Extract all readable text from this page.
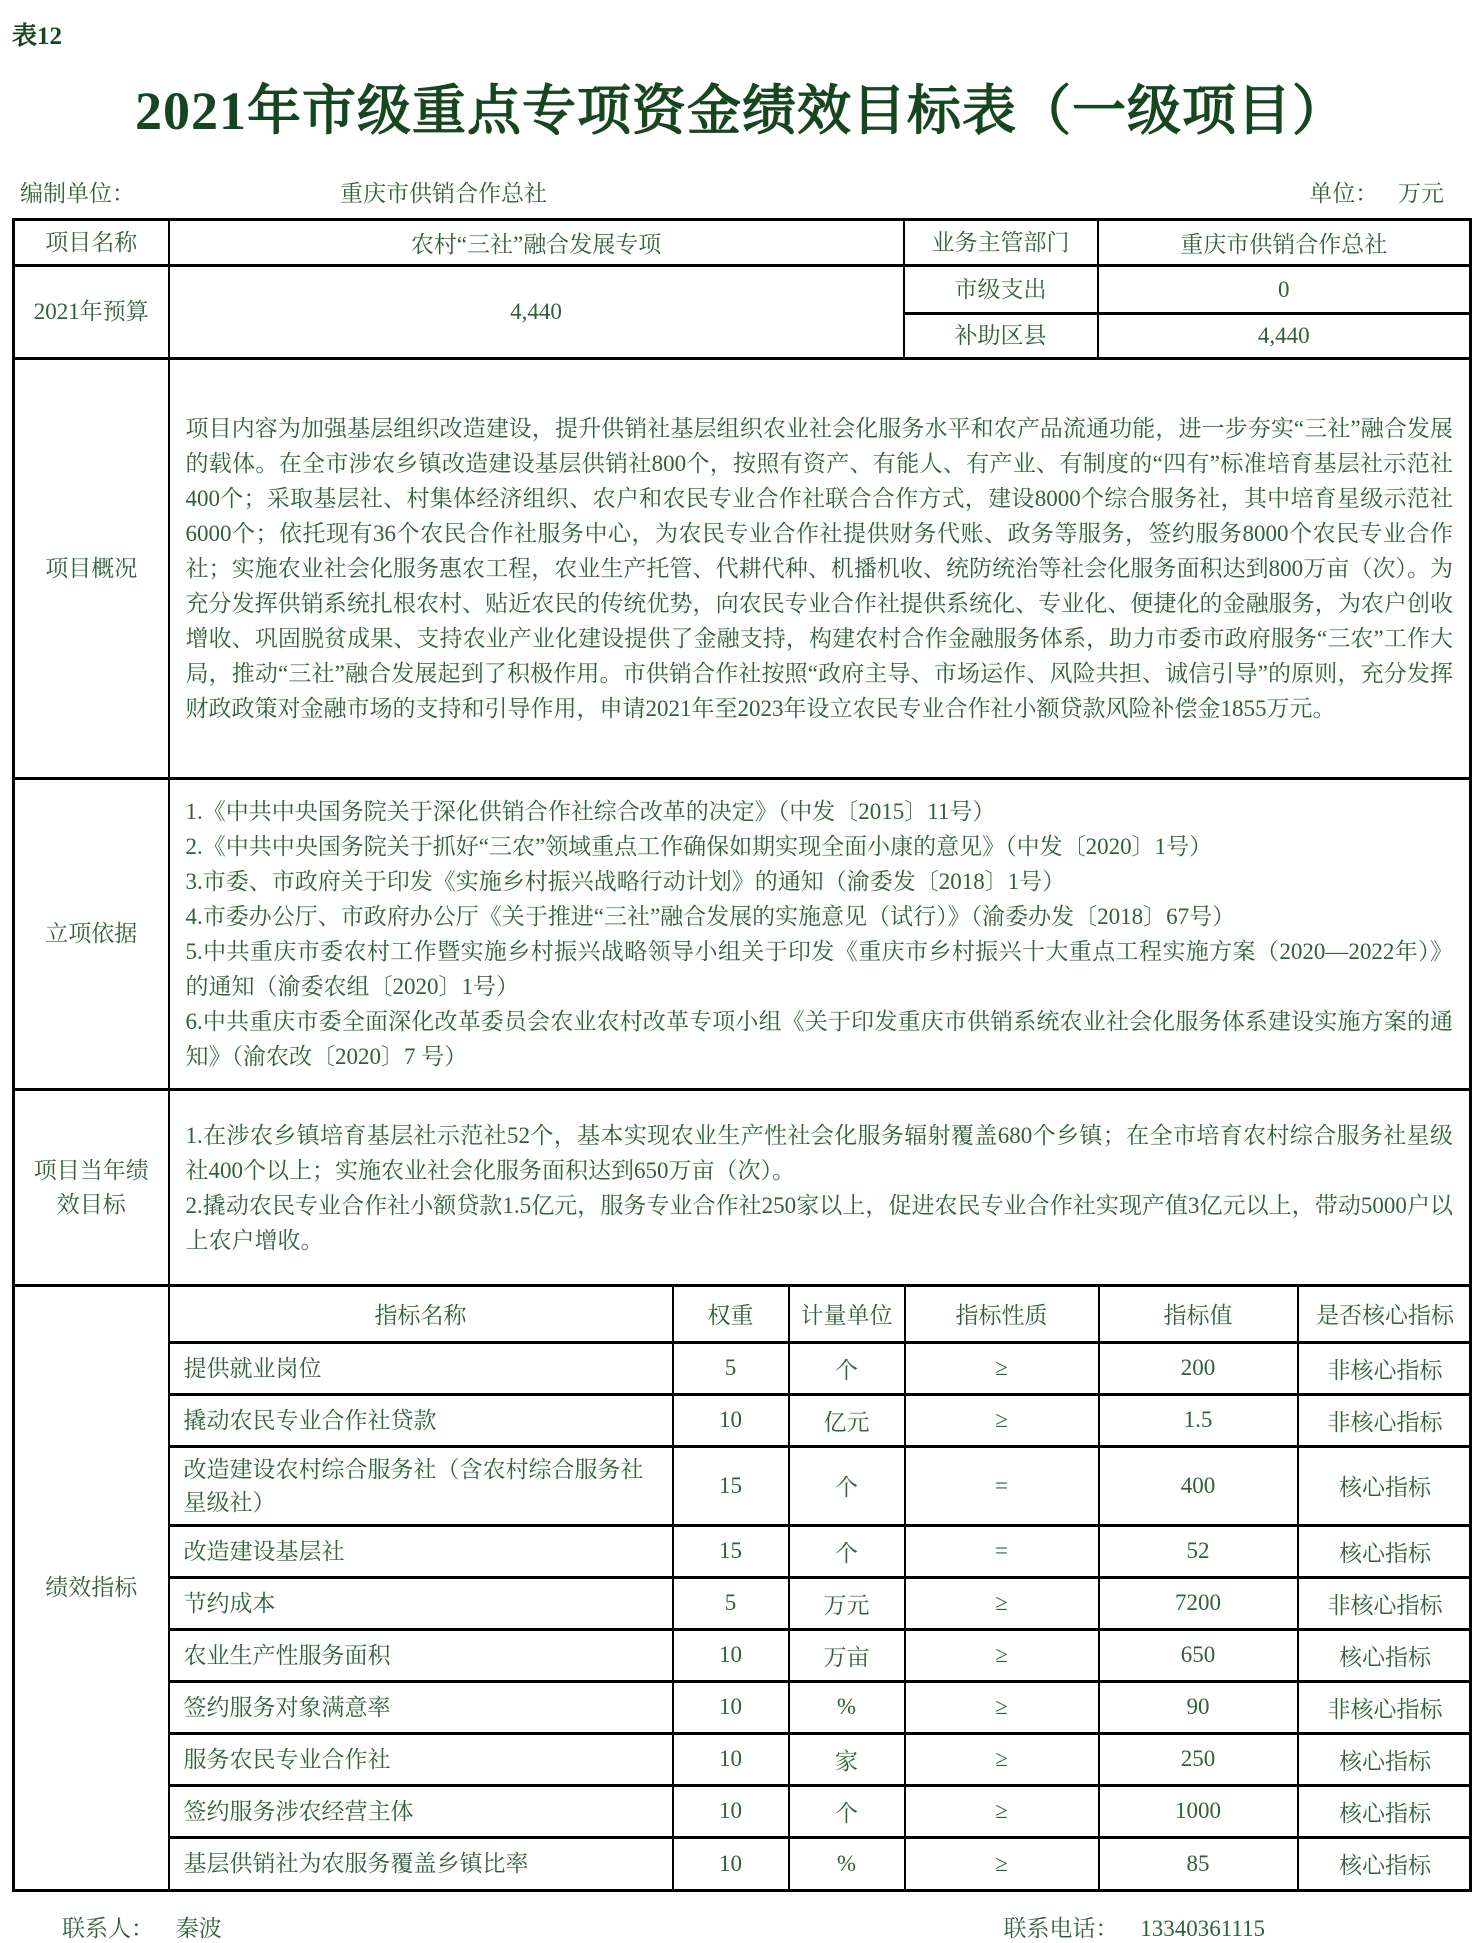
表12
2021年市级重点专项资金绩效目标表（一级项目）
编制单位：	重庆市供销合作总社	单位： 万元
项目名称	农村“三社”融合发展专项	业务主管部门	重庆市供销合作总社
2021年预算	4,440	市级支出	0
补助区县	4,440
项目概况	项目内容为加强基层组织改造建设，提升供销社基层组织农业社会化服务水平和农产品流通功能，进一步夯实“三社”融合发展的载体。在全市涉农乡镇改造建设基层供销社800个，按照有资产、有能人、有产业、有制度的“四有”标准培育基层社示范社400个；采取基层社、村集体经济组织、农户和农民专业合作社联合合作方式，建设8000个综合服务社，其中培育星级示范社6000个；依托现有36个农民合作社服务中心，为农民专业合作社提供财务代账、政务等服务，签约服务8000个农民专业合作社；实施农业社会化服务惠农工程，农业生产托管、代耕代种、机播机收、统防统治等社会化服务面积达到800万亩（次）。为充分发挥供销系统扎根农村、贴近农民的传统优势，向农民专业合作社提供系统化、专业化、便捷化的金融服务，为农户创收增收、巩固脱贫成果、支持农业产业化建设提供了金融支持，构建农村合作金融服务体系，助力市委市政府服务“三农”工作大局，推动“三社”融合发展起到了积极作用。市供销合作社按照“政府主导、市场运作、风险共担、诚信引导”的原则，充分发挥财政政策对金融市场的支持和引导作用，申请2021年至2023年设立农民专业合作社小额贷款风险补偿金1855万元。
立项依据	
1.《中共中央国务院关于深化供销合作社综合改革的决定》（中发〔2015〕11号）
2.《中共中央国务院关于抓好“三农”领域重点工作确保如期实现全面小康的意见》（中发〔2020〕1号）
3.市委、市政府关于印发《实施乡村振兴战略行动计划》的通知（渝委发〔2018〕1号）
4.市委办公厅、市政府办公厅《关于推进“三社”融合发展的实施意见（试行）》（渝委办发〔2018〕67号）
5.中共重庆市委农村工作暨实施乡村振兴战略领导小组关于印发《重庆市乡村振兴十大重点工程实施方案（2020—2022年）》的通知（渝委农组〔2020〕1号）
6.中共重庆市委全面深化改革委员会农业农村改革专项小组《关于印发重庆市供销系统农业社会化服务体系建设实施方案的通知》（渝农改〔2020〕7 号）

项目当年绩效目标	
1.在涉农乡镇培育基层社示范社52个，基本实现农业生产性社会化服务辐射覆盖680个乡镇；在全市培育农村综合服务社星级社400个以上；实施农业社会化服务面积达到650万亩（次）。
2.撬动农民专业合作社小额贷款1.5亿元，服务专业合作社250家以上，促进农民专业合作社实现产值3亿元以上，带动5000户以上农户增收。

绩效指标	
指标名称	权重	计量单位	指标性质	指标值	是否核心指标
提供就业岗位	5	个	≥	200	非核心指标
撬动农民专业合作社贷款	10	亿元	≥	1.5	非核心指标
改造建设农村综合服务社（含农村综合服务社星级社）	15	个	=	400	核心指标
改造建设基层社	15	个	=	52	核心指标
节约成本	5	万元	≥	7200	非核心指标
农业生产性服务面积	10	万亩	≥	650	核心指标
签约服务对象满意率	10	%	≥	90	非核心指标
服务农民专业合作社	10	家	≥	250	核心指标
签约服务涉农经营主体	10	个	≥	1000	核心指标
基层供销社为农服务覆盖乡镇比率	10	%	≥	85	核心指标
联系人： 秦波	联系电话： 13340361115
